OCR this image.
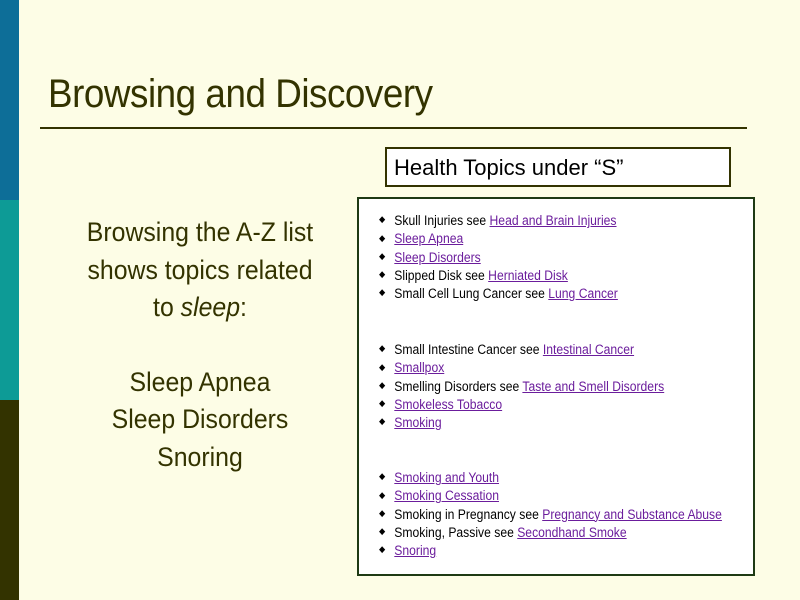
Browsing and Discovery
Browsing the A-Z list
shows topics related
to sleep:
Sleep Apnea
Sleep Disorders
Snoring
Health Topics under “S”
◆ Skull Injuries see Head and Brain Injuries
◆ Sleep Apnea
◆ Sleep Disorders
◆ Slipped Disk see Herniated Disk
◆ Small Cell Lung Cancer see Lung Cancer
◆ Small Intestine Cancer see Intestinal Cancer
◆ Smallpox
◆ Smelling Disorders see Taste and Smell Disorders
◆ Smokeless Tobacco
◆ Smoking
◆ Smoking and Youth
◆ Smoking Cessation
◆ Smoking in Pregnancy see Pregnancy and Substance Abuse
◆ Smoking, Passive see Secondhand Smoke
◆ Snoring
